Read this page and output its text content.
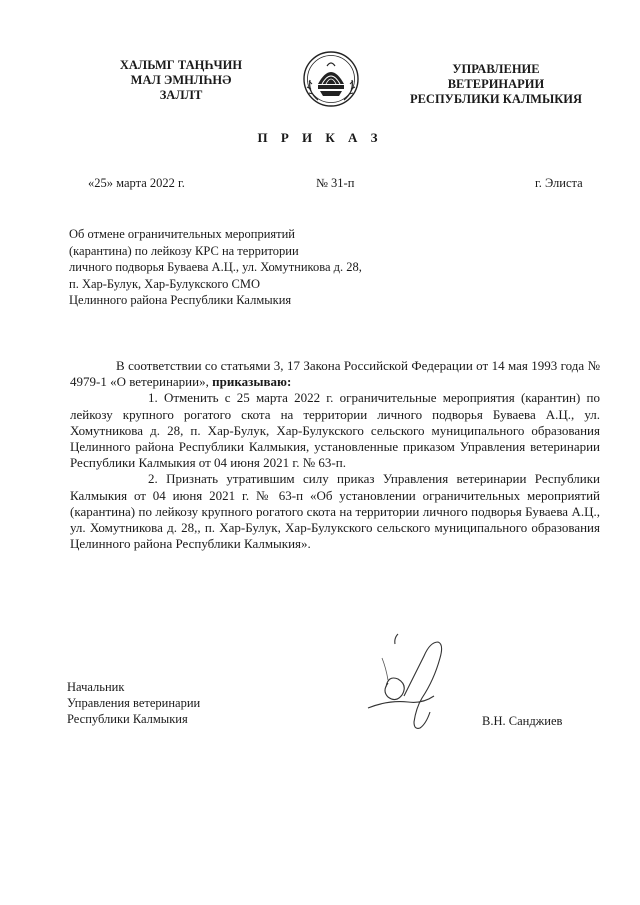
ХАЛЬМГ ТАҢҺЧИН
МАЛ ЭМНЛҺНӘ
ЗАЛЛТ
УПРАВЛЕНИЕ
ВЕТЕРИНАРИИ
РЕСПУБЛИКИ КАЛМЫКИЯ
П Р И К А З
«25» марта 2022 г.	№ 31-п	г. Элиста
Об отмене ограничительных мероприятий
(карантина) по лейкозу КРС на территории
личного подворья Буваева А.Ц., ул. Хомутникова д. 28,
п. Хар-Булук, Хар-Булукского СМО
Целинного района Республики Калмыкия

В соответствии со статьями 3, 17 Закона Российской Федерации от 14 мая 1993 года № 4979-1 «О ветеринарии», приказываю:

1. Отменить с 25 марта 2022 г. ограничительные мероприятия (карантин) по лейкозу крупного рогатого скота на территории личного подворья Буваева А.Ц., ул. Хомутникова д. 28, п. Хар-Булук, Хар-Булукского сельского муниципального образования Целинного района Республики Калмыкия, установленные приказом Управления ветеринарии Республики Калмыкия от 04 июня 2021 г. № 63-п.

2. Признать утратившим силу приказ Управления ветеринарии Республики Калмыкия от 04 июня 2021 г. № 63-п «Об установлении ограничительных мероприятий (карантина) по лейкозу крупного рогатого скота на территории личного подворья Буваева А.Ц., ул. Хомутникова д. 28,, п. Хар-Булук, Хар-Булукского сельского муниципального образования Целинного района Республики Калмыкия».

Начальник
Управления ветеринарии
Республики Калмыкия	В.Н. Санджиев
